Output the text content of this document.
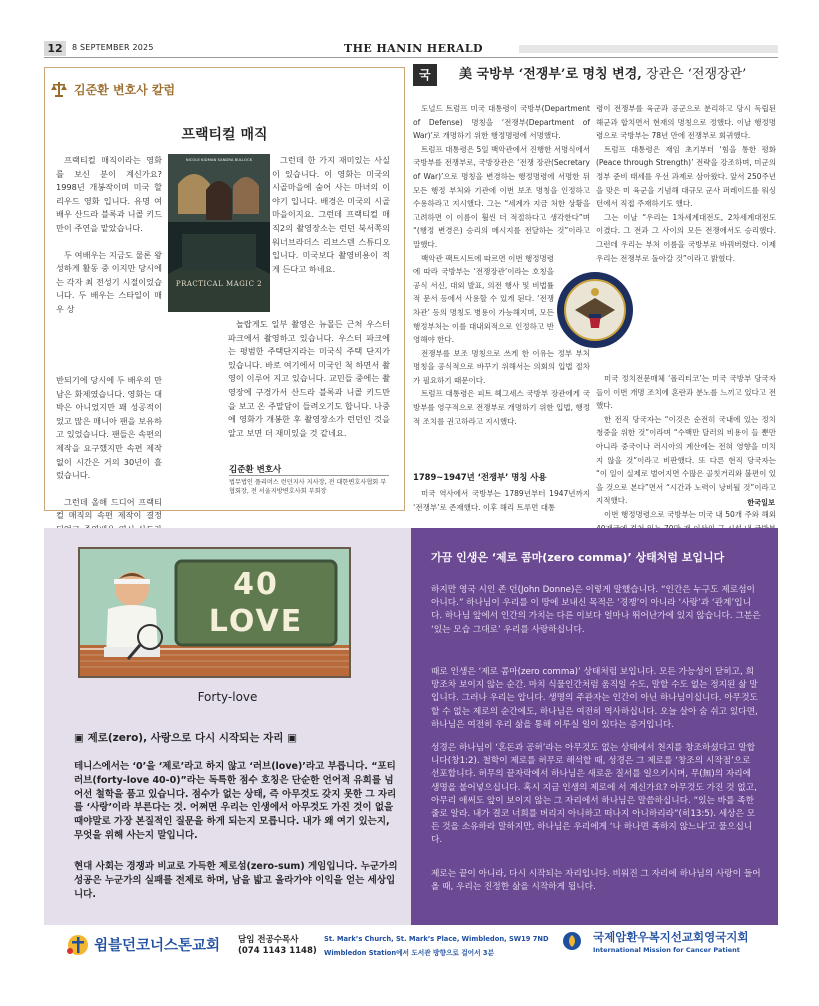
12	8 SEPTEMBER 2025	THE HANIN HERALD
김준환 변호사 칼럼
프랙티컬 매직

프랙티컬 매직이라는 영화를 보신 분이 계신가요? 1998년 개봉작이며 미국 할리우드 영화 입니다. 유명 여배우 산드라 블록과 니콜 키드만이 주연을 맡았습니다.

두 여배우는 지금도 물론 왕성하게 활동 중 이지만 당시에는 각자 최 전성기 시절이었습니다. 두 배우는 스타일이 매우 상

반되기에 당시에 두 배우의 만남은 화제였습니다. 영화는 대박은 아니었지만 꽤 성공적이었고 많은 매니아 팬을 보유하고 있었습니다. 팬들은 속편의 제작을 요구했지만 속편 제작 없이 시간은 거의 30년이 흘렀습니다.

그런데 올해 드디어 프랙티컬 매직의 속편 제작이 결정

NICOLE KIDMAN SANDRA BULLOCK
PRACTICAL MAGIC 2

그런데 한 가지 재미있는 사실이 있습니다. 이 영화는 미국의 시골마을에 숨어 사는 마녀의 이야기 입니다. 배경은 미국의 시골 마을이지요. 그런데 프랙티컬 매직2의 촬영장소는 런던 북서쪽의 워너브라더스 리브스덴 스튜디오 입니다. 미국보다 촬영비용이 적게 든다고 하네요.

놀랍게도 일부 촬영은 뉴몰든 근처 우스터파크에서 촬영하고 있습니다. 우스터 파크에는 평범한 주택단지라는 미국식 주택 단지가 있습니다. 바로 여기에서 미국인 척 하면서 촬영이 이루어 지고 있습니다. 교민들 중에는 촬영장에 구경가서 산드라 블록과 니콜 키드만을 보고 온 주말담이 들려오기도 합니다. 나중에 영화가 개봉한 후 촬영장소가 런던인 것을 알고 보면 더 재미있을 것 같네요.

김준환 변호사
법무법인 플리머스 런던지사 지사장, 전 대한변호사협회 부협회장, 전 서울지방변호사회 부회장
국제
美 국방부 ‘전쟁부’로 명칭 변경, 장관은 ‘전쟁장관’

도널드 트럼프 미국 대통령이 국방부(Department of Defense) 명칭을 ‘전쟁부(Department of War)’로 개명하기 위한 행정명령에 서명했다.

트럼프 대통령은 5일 백악관에서 진행한 서명식에서 국방부를 전쟁부로, 국방장관은 ‘전쟁 장관(Secretary of War)’으로 명칭을 변경하는 행정명령에 서명한 뒤 모든 행정 부처와 기관에 이번 보조 명칭을 인정하고 수용하라고 지시했다. 그는 “세계가 지금 처한 상황을 고려하면 이 이름이 훨씬 더 적절하다고 생각한다”며 “(행정 변경은) 승리의 메시지를 전달하는 것”이라고 말했다.

백악관 팩트시트에 따르면 이번 행정명령에 따라 국방부는 ‘전쟁장관’이라는 호칭을 공식 서신, 대외 발표, 의전 행사 및 비법률적 문서 등에서 사용할 수 있게 된다. ‘전쟁 차관’ 등의 명칭도 병용이 가능해지며, 모든 행정부처는 이를 대내외적으로 인정하고 반영해야 한다.

전쟁부를 보조 명칭으로 쓰게 한 이유는 정부 부처 명칭을 공식적으로 바꾸기 위해서는 의회의 입법 절차가 필요하기 때문이다.

트럼프 대통령은 피트 헤그세스 국방부 장관에게 국방부를 영구적으로 전쟁부로 개명하기 위한 입법, 행정적 조치를 권고하라고 지시했다.

1789~1947년 ‘전쟁부’ 명칭 사용

미국 역사에서 국방부는 1789년부터 1947년까지 ‘전쟁부’로 존재했다. 이후 해리 트루먼 대통

령이 전쟁부를 육군과 공군으로 분리하고 당시 독립된 해군과 합치면서 현재의 명칭으로 정했다. 이날 행정명령으로 국방부는 78년 만에 전쟁부로 회귀했다.

트럼프 대통령은 재임 초기부터 ‘힘을 통한 평화(Peace through Strength)’ 전략을 강조하며, 미군의 정부 준비 태세를 우선 과제로 삼아왔다. 앞서 250주년을 맞은 미 육군을 기념해 대규모 군사 퍼레이드를 워싱턴에서 직접 주재하기도 했다.

그는 이날 “우리는 1차세계대전도, 2차세계대전도 이겼다. 그 전과 그 사이의 모든 전쟁에서도 승리했다. 그런데 우리는 부처 이름을 국방부로 바꿔버렸다. 이제 우리는 전쟁부로 돌아갈 것”이라고 밝혔다.

미국 정치전문매체 ‘폴리티코’는 미국 국방부 당국자들이 이번 개명 조치에 혼란과 분노를 느끼고 있다고 전했다.

한 전직 당국자는 “이것은 순전히 국내에 있는 정치 청중을 위한 것”이라며 “수백만 달러의 비용이 들 뿐만 아니라 중국이나 러시아의 계산에는 전혀 영향을 미치지 않을 것”이라고 비판했다. 또 다른 현직 당국자는 “이 일이 실제로 벌어지면 수많은 골칫거리와 불편이 있을 것으로 본다”면서 “시간과 노력이 낭비될 것”이라고 지적했다.

이번 행정명령으로 국방부는 미국 내 50개 주와 해외

한국일보
40
LOVE
Forty-love
▣ 제로(zero), 사랑으로 다시 시작되는 자리 ▣
테니스에서는 ‘0’을 ‘제로’라고 하지 않고 ‘러브(love)’라고 부릅니다. “포티 러브(forty-love 40-0)”라는 독특한 점수 호칭은 단순한 언어적 유희를 넘어선 철학을 품고 있습니다. 점수가 없는 상태, 즉 아무것도 갖지 못한 그 자리를 ‘사랑’이라 부른다는 것. 어쩌면 우리는 인생에서 아무것도 가진 것이 없을 때야말로 가장 본질적인 질문을 하게 되는지 모릅니다. 내가 왜 여기 있는지, 무엇을 위해 사는지 말입니다.
현대 사회는 경쟁과 비교로 가득한 제로섬(zero-sum) 게임입니다. 누군가의 성공은 누군가의 실패를 전제로 하며, 남을 밟고 올라가야 이익을 얻는 세상입니다.
가끔 인생은 ‘제로 콤마(zero comma)’ 상태처럼 보입니다
하지만 영국 시인 존 던(John Donne)은 이렇게 말했습니다. “인간은 누구도 제로섬이 아니다.” 하나님이 우리를 이 땅에 보내신 목적은 ‘경쟁’이 아니라 ‘사랑’과 ‘관계’입니다. 하나님 앞에서 인간의 가치는 다른 이보다 얼마나 뛰어난가에 있지 않습니다. 그분은 ‘있는 모습 그대로’ 우리를 사랑하십니다.
때로 인생은 ‘제로 콤마(zero comma)’ 상태처럼 보입니다. 모든 가능성이 닫히고, 희망조차 보이지 않는 순간. 마치 식물인간처럼 움직일 수도, 말할 수도 없는 정지된 삶 말입니다. 그러나 우리는 압니다. 생명의 주관자는 인간이 아닌 하나님이십니다. 아무것도 할 수 없는 제로의 순간에도, 하나님은 여전히 역사하십니다. 오늘 살아 숨 쉬고 있다면, 하나님은 여전히 우리 삶을 통해 이루실 일이 있다는 증거입니다.
성경은 하나님이 ‘혼돈과 공허’라는 아무것도 없는 상태에서 천지를 창조하셨다고 말합니다(창1:2). 철학이 제로를 허무로 해석할 때, 성경은 그 제로를 ‘창조의 시작점’으로 선포합니다. 허무의 끝자락에서 하나님은 새로운 질서를 일으키시며, 무(無)의 자리에 생명을 불어넣으십니다. 혹시 지금 인생의 제로에 서 계신가요? 아무것도 가진 것 없고, 아무리 애써도 앞이 보이지 않는 그 자리에서 하나님은 말씀하십니다. “있는 바를 족한 줄로 알라. 내가 결코 너희를 버리지 아니하고 떠나지 아니하리라”(히13:5). 세상은 모든 것을 소유하라 말하지만, 하나님은 우리에게 ‘나 하나면 족하지 않느냐’고 물으십니다.
제로는 끝이 아니라, 다시 시작되는 자리입니다. 비워진 그 자리에 하나님의 사랑이 들어올 때, 우리는 진정한 삶을 시작하게 됩니다.
윔블던코너스톤교회 담임 전공수목사
(074 1143 1148)
St. Mark’s Church, St. Mark’s Place, Wimbledon, SW19 7ND
Wimbledon Station에서 도서관 방향으로 걸어서 3분
국제암환우복지선교회영국지회
International Mission for Cancer Patient
